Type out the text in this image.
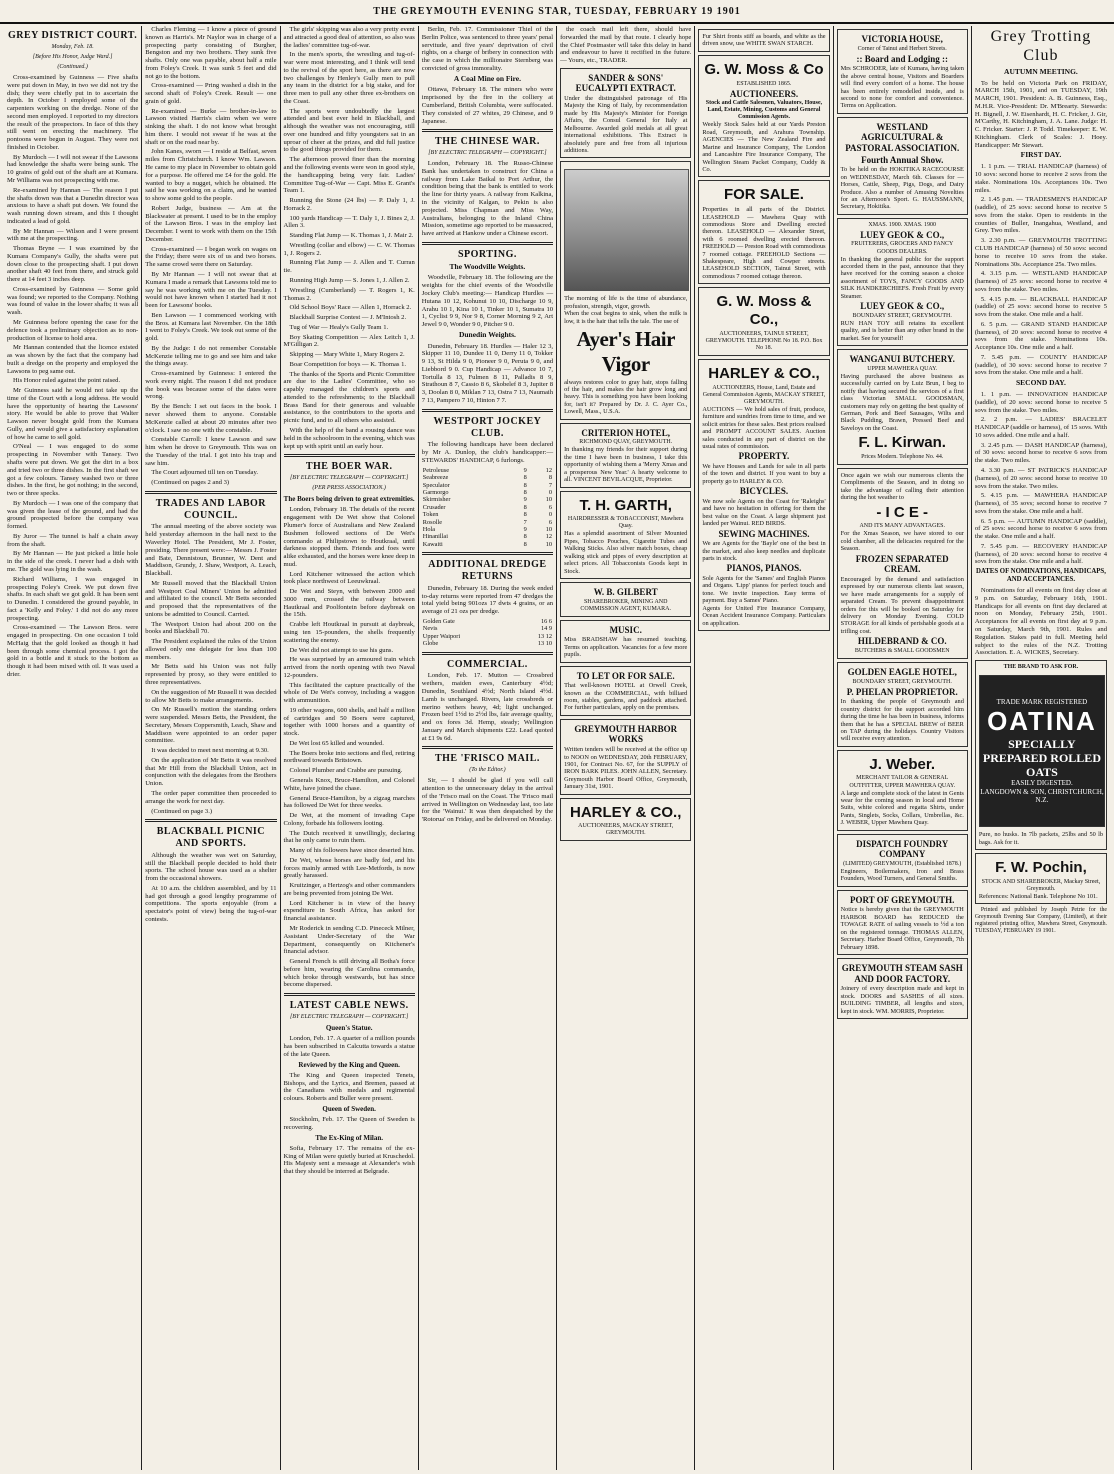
THE GREYMOUTH EVENING STAR, TUESDAY, FEBRUARY 19 1901
GREY DISTRICT COURT.
Monday, Feb. 18.
[Before His Honor, Judge Ward.]
(Continued.)

Cross-examined by Guinness — Five shafts were put down in May, in two we did not try the dish; they were chiefly put in to ascertain the depth. In October I employed some of the carpenters working on the dredge. None of the second men employed. I reported to my directors the result of the prospectors. In face of this they still went on erecting the machinery. The pontoons were begun in August. They were not finished in October.

By Murdoch — I will not swear if the Lawsons had knowledge the shafts were being sunk. The 10 grains of gold out of the shaft are at Kumara. Mr Williams was not prospecting with me.

Re-examined by Hannan — The reason I put the shafts down was that a Dunedin director was anxious to have a shaft put down. We found the wash running down stream, and this I thought indicated a lead of gold.

By Mr Hannan — Wilson and I were present with me at the prospecting.

Thomas Bryne — I was examined by the Kumara Company's Gully, the shafts were put down close to the prospecting shaft. I put down another shaft 40 feet from there, and struck gold there at 14 feet 3 inches deep.

Cross-examined by Guinness — Some gold was found; we reported to the Company. Nothing was found of value in the lower shafts; it was all wash.

Mr Guinness before opening the case for the defence took a preliminary objection as to non-production of license to hold area.

Mr Hannan contended that the licence existed as was shown by the fact that the company had built a dredge on the property and employed the Lawsons to peg same out.

His Honor ruled against the point raised.

Mr Guinness said he would not take up the time of the Court with a long address. He would have the opportunity of hearing the Lawsons' story. He would be able to prove that Walter Lawson never bought gold from the Kumara Gully, and would give a satisfactory explanation of how he came to sell gold.

O'Neal — I was engaged to do some prospecting in November with Tansey. Two shafts were put down. We got the dirt in a box and tried two or three dishes. In the first shaft we got a few colours. Tansey washed two or three dishes. In the first, he got nothing; in the second, two or three specks.

By Murdoch — I was one of the company that was given the lease of the ground, and had the ground prospected before the company was formed.

By Juror — The tunnel is half a chain away from the shaft.

By Mr Hannan — He just picked a little hole in the side of the creek. I never had a dish with me. The gold was lying in the wash.

Richard Williams, I was engaged in prospecting Foley's Creek. We put down five shafts. In each shaft we got gold. It has been sent to Dunedin. I considered the ground payable, in fact a 'Kelly and Foley.' I did not do any more prospecting.

Cross-examined — The Lawson Bros. were engaged in prospecting. On one occasion I told McHaig that the gold looked as though it had been through some chemical process. I got the gold in a bottle and it stuck to the bottom as though it had been mixed with oil. It was used a drier.

Charles Fleming — I know a piece of ground known as Harris's. Mr Naylor was in charge of a prospecting party consisting of Burgher, Bengston and my two brothers. They sunk five shafts. Only one was payable, about half a mile from Foley's Creek. It was sunk 5 feet and did not go to the bottom.

Cross-examined — Pring washed a dish in the second shaft of Foley's Creek. Result — one grain of gold.

Re-examined — Burke — brother-in-law to Lawson visited Harris's claim when we were sinking the shaft. I do not know what brought him there. I would not swear if he was at the shaft or on the road near by.

John Kanes, sworn — I reside at Belfast, seven miles from Christchurch. I know Wm. Lawson. He came to my place in November to obtain gold for a purpose. He offered me £4 for the gold. He wanted to buy a nugget, which he obtained. He said he was working on a claim, and he wanted to show some gold to the people.

Robert Judge, business — Am at the Blackwater at present. I used to be in the employ of the Lawson Bros. I was in the employ last December. I went to work with them on the 15th December.

Cross-examined — I began work on wages on the Friday; there were six of us and two horses. The same crowd were there on Saturday.

By Mr Hannan — I will not swear that at Kumara I made a remark that Lawsons told me to say he was working with me on the Tuesday. I would not have known when I started had it not been for Lawsons' books.

Ben Lawson — I commenced working with the Bros. at Kumara last November. On the 18th I went to Foley's Creek. We took out some of the gold.

By the Judge: I do not remember Constable McKenzie telling me to go and see him and take the things away.

Cross-examined by Guinness: I entered the work every night. The reason I did not produce the book was because some of the dates were wrong.

By the Bench: I set out faces in the book. I never showed them to anyone. Constable McKenzie called at about 20 minutes after two o'clock. I saw no one with the constable.

Constable Carroll: I knew Lawson and saw him when he drove to Greymouth. This was on the Tuesday of the trial. I got into his trap and saw him.

The Court adjourned till ten on Tuesday.

(Continued on pages 2 and 3)

TRADES AND LABOR COUNCIL.

The annual meeting of the above society was held yesterday afternoon in the hall next to the Waverley Hotel. The President, Mr J. Foster, presiding. There present were:— Messrs J. Foster and Bate, Dennistoun, Brunner, W. Dent and Maddison, Grundy, J. Shaw, Westport, A. Leach, Blackball.

Mr Russell moved that the Blackball Union and Westport Coal Miners' Union be admitted and affiliated to the council. Mr Betts seconded and proposed that the representatives of the unions be admitted to Council. Carried.

The Westport Union had about 200 on the books and Blackball 70.

The President explained the rules of the Union allowed only one delegate for less than 100 members.

Mr Betts said his Union was not fully represented by proxy, so they were entitled to three representatives.

On the suggestion of Mr Russell it was decided to allow Mr Betts to make arrangements.

On Mr Russell's motion the standing orders were suspended. Messrs Betts, the President, the Secretary, Messrs Coppersmith, Leach, Shaw and Maddison were appointed to an order paper committee.

It was decided to meet next morning at 9.30.

On the application of Mr Betts it was resolved that Mr Hill from the Blackball Union, act in conjunction with the delegates from the Brothers Union.

The order paper committee then proceeded to arrange the work for next day.

(Continued on page 3.)

BLACKBALL PICNIC AND SPORTS.

Although the weather was wet on Saturday, still the Blackball people decided to hold their sports. The school house was used as a shelter from the occasional showers.

At 10 a.m. the children assembled, and by 11 had got through a good lengthy programme of competitions. The sports enjoyable (from a spectator's point of view) being the tug-of-war contests.

The girls' skipping was also a very pretty event and attracted a good deal of attention, so also was the ladies' committee tug-of-war.

In the men's sports, the wrestling and tug-of-war were most interesting, and I think will tend to the revival of the sport here, as there are now two challenges by Henley's Gully men to pull any team in the district for a big stake, and for three men to pull any other three ex-brothers on the Coast.

The sports were undoubtedly the largest attended and best ever held in Blackball, and although the weather was not encouraging, still over one hundred and fifty youngsters sat in an uproar of cheer at the prizes, and did full justice to the good things provided for them.

The afternoon proved finer than the morning and the following events were won in good style, the handicapping being very fair. Ladies' Committee Tug-of-War — Capt. Miss E. Grant's Team 1.

Running the Stone (24 lbs) — P. Daly 1, J. Horrack 2.

100 yards Handicap — T. Daly 1, J. Bines 2, J. Allen 3.

Standing Flat Jump — K. Thomas 1, J. Mair 2.

Wrestling (collar and elbow) — C. W. Thomas 1, J. Rogers 2.

Running Flat Jump — J. Allen and T. Curran tie.

Running High Jump — S. Jones 1, J. Allen 2.

Wrestling (Cumberland) — T. Rogers 1, K. Thomas 2.

Old School Boys' Race — Allen 1, Horrack 2.

Blackball Surprise Contest — J. M'Intosh 2.

Tug of War — Healy's Gully Team 1.

Boy Skating Competition — Alex Leitch 1, J. M'Gilligan 2.

Skipping — Mary White 1, Mary Rogers 2.

Boar Competition for boys — K. Thomas 1.

The thanks of the Sports and Picnic Committee are due to the Ladies' Committee, who so capably managed the children's sports and attended to the refreshments; to the Blackball Brass Band for their generous and valuable assistance, to the contributors to the sports and picnic fund, and to all others who assisted.

With the help of the band a rousing dance was held in the schoolroom in the evening, which was kept up with spirit until an early hour.

THE BOER WAR.
[BY ELECTRIC TELEGRAPH — COPYRIGHT.]
(PER PRESS ASSOCIATION.)
The Boers being driven to great extremities.

London, February 18. The details of the recent engagement with De Wet show that Colonel Plumer's force of Australians and New Zealand Bushmen followed sections of De Wet's commando at Philipstown to Houtkraal, until darkness stopped them. Friends and foes were alike exhausted, and the horses were knee deep in mud.

Lord Kitchener witnessed the action which took place northwest of Leeuwkraal.

De Wet and Steyn, with between 2000 and 3000 men, crossed the railway between Hautkraal and Poolfontein before daybreak on the 15th.

Crabbe left Houtkraal in pursuit at daybreak, using ten 15-pounders, the shells frequently scattering the enemy.

De Wet did not attempt to use his guns.

He was surprised by an armoured train which arrived from the north opening with two Naval 12-pounders.

This facilitated the capture practically of the whole of De Wet's convoy, including a waggon with ammunition.

19 other wagons, 600 shells, and half a million of cartridges and 50 Boers were captured, together with 1000 horses and a quantity of stock.

De Wet lost 65 killed and wounded.

The Boers broke into sections and fled, retiring northward towards Britstown.

Colonel Plumber and Crabbe are pursuing.

Generals Knox, Bruce-Hamilton, and Colonel White, have joined the chase.

General Bruce-Hamilton, by a zigzag marches has followed De Wet for three weeks.

De Wet, at the moment of invading Cape Colony, forbade his followers looting.

The Dutch received it unwillingly, declaring that he only came to ruin them.

Many of his followers have since deserted him.

De Wet, whose horses are badly fed, and his forces mainly armed with Lee-Metfords, is now greatly harassed.

Kruitzinger, a Hertzog's and other commanders are being prevented from joining De Wet.

Lord Kitchener is in view of the heavy expenditure in South Africa, has asked for financial assistance.

Mr Roderick in sending C.D. Pinececk Milner, Assistant Under-Secretary of the War Department, consequently on Kitchener's financial advisor.

General French is still driving all Botha's force before him, wearing the Carolina commando, which broke through westwards, but has since become dispersed.

LATEST CABLE NEWS.
[BY ELECTRIC TELEGRAPH — COPYRIGHT.]
Queen's Statue.

London, Feb. 17. A quarter of a million pounds has been subscribed in Calcutta towards a statue of the late Queen.

Reviewed by the King and Queen.

The King and Queen inspected Tenets, Bishops, and the Lyrics, and Bremen, passed at the Canadians with medals and regimental colours. Roberts and Buller were present.

Queen of Sweden.

Stockholm, Feb. 17. The Queen of Sweden is recovering.

The Ex-King of Milan.

Sofia, February 17. The remains of the ex-King of Milan were quietly buried at Kruschedol. His Majesty sent a message at Alexander's wish that they should be interred at Belgrade.

Berlin, Feb. 17. Commissioner Thiel of the Berlin Police, was sentenced to three years' penal servitude, and five years' deprivation of civil rights, on a charge of bribery in connection with the case in which the millionaire Sternberg was convicted of gross immorality.

A Coal Mine on Fire.

Ottawa, February 18. The miners who were imprisoned by the fire in the colliery at Cumberland, British Columbia, were suffocated. They consisted of 27 whites, 29 Chinese, and 9 Japanese.

THE CHINESE WAR.
[BY ELECTRIC TELEGRAPH — COPYRIGHT.]

London, February 18. The Russo-Chinese Bank has undertaken to construct for China a railway from Lake Baikal to Port Arthur, the condition being that the bank is entitled to work the line for thirty years. A railway from Kalkina, in the vicinity of Kalgan, to Pekin is also projected. Miss Chapman and Miss Way, Australians, belonging to the Inland China Mission, sometime ago reported to be massacred, have arrived at Hankow under a Chinese escort.

SPORTING.
The Woodville Weights.

Woodville, February 18. The following are the weights for the chief events of the Woodville Jockey Club's meeting:— Handicap Hurdles — Hutana 10 12, Kohunui 10 10, Discharge 10 9, Arahu 10 1, Kina 10 1, Tinker 10 1, Sumatra 10 1, Cyclist 9 9, Nor 9 8, Corner Morning 9 2, Art Jewel 9 0, Wonder 9 0, Pitcher 9 0.

Dunedin Weights.

Dunedin, February 18. Hurdles — Haler 12 3, Skipper 11 10, Dundee 11 0, Derry 11 0, Tokker 9 13, St Hilda 9 0, Pioneer 9 0, Peruta 9 0, and Liebbord 9 0. Cup Handicap — Advance 10 7, Tortulla 8 13, Fulmen 8 11, Palladis 8 9, Strathoun 8 7, Cassio 8 6, Skobelef 8 3, Jupiter 8 3, Doolan 8 0, Miklan 7 13, Ostra 7 13, Naumaih 7 13, Pampero 7 10, Hinton 7 7.

WESTPORT JOCKEY CLUB.

The following handicaps have been declared by Mr A. Dunlop, the club's handicapper:— STEWARDS' HANDICAP, 6 furlongs.

Petroleuse	9	12
Seabreeze	8	8
Speculator	8	7
Garmorgo	8	0
Skirmisher	9	10
Crusader	8	6
Token	8	0
Rosolle	7	6
Hola	9	10
Hinanillai	8	12
Kawaiti	8	10
ADDITIONAL DREDGE RETURNS

Dunedin, February 18. During the week ended to-day returns were reported from 47 dredges the total yield being 901ozs 17 dwts 4 grains, or an average of 21 ozs per dredge.

Golden Gate	16 6
Nevis	14 9
Upper Waipori	13 12
Globe	13 10
COMMERCIAL.

London, Feb. 17. Mutton — Crossbred wethers, maiden ewes, Canterbury 4½d; Dunedin, Southland 4½d; North Island 4½d. Lamb is unchanged. Rivers, late crossbreds or merino wethers heavy, 4d; light unchanged. Frozen beef 1½d to 2½d lbs, fair average quality, and ox fores 3d. Hemp, steady; Wellington January and March shipments £22. Lead quoted at £1 9s 6d.

THE 'FRISCO MAIL.
(To the Editor.)

Sir, — I should be glad if you will call attention to the unnecessary delay in the arrival of the 'Frisco mail on the Coast. The 'Frisco mail arrived in Wellington on Wednesday last, too late for the 'Wainui.' It was then despatched by the 'Rotorua' on Friday, and be delivered on Monday.

the coach mail left there, should have forwarded the mail by that route. I clearly hope the Chief Postmaster will take this delay in hand and endeavour to have it rectified in the future. — Yours, etc., TRADER.

SANDER & SONS' EUCALYPTI EXTRACT.
Under the distinguished patronage of His Majesty the King of Italy, by recommendation made by His Majesty's Minister for Foreign Affairs, the Consul General for Italy at Melbourne. Awarded gold medals at all great international exhibitions. This Extract is absolutely pure and free from all injurious additions.
The morning of life is the time of abundance, profusion, strength, vigor, growth.
When the coat begins to sink, when the milk is low, it is the hair that tells the tale. The use of
Ayer's Hair Vigor
always restores color to gray hair, stops falling of the hair, and makes the hair grow long and heavy. This is something you have been looking for, isn't it? Prepared by Dr. J. C. Ayer Co., Lowell, Mass., U.S.A.
CRITERION HOTEL,
RICHMOND QUAY, GREYMOUTH.
In thanking my friends for their support during the time I have been in business, I take this opportunity of wishing them a 'Merry Xmas and a prosperous New Year.' A hearty welcome to all. VINCENT BEVILACQUE, Proprietor.
T. H. GARTH,
HAIRDRESSER & TOBACCONIST, Mawhera Quay.
Has a splendid assortment of Silver Mounted Pipes, Tobacco Pouches, Cigarette Tubes and Walking Sticks. Also silver match boxes, cheap walking stick and pipes of every description at select prices. All Tobacconists Goods kept in Stock.
W. B. GILBERT
SHAREBROKER, MINING AND COMMISSION AGENT, KUMARA.
MUSIC.
Miss BRADSHAW has resumed teaching. Terms on application. Vacancies for a few more pupils.
TO LET OR FOR SALE.
That well-known HOTEL at Orwell Creek, known as the COMMERCIAL, with billiard room, stables, gardens, and paddock attached. For further particulars, apply on the premises.
GREYMOUTH HARBOR WORKS
Written tenders will be received at the office up to NOON on WEDNESDAY, 20th FEBRUARY, 1901, for Contract No. 67, for the SUPPLY of IRON BARK PILES. JOHN ALLEN, Secretary. Greymouth Harbor Board Office, Greymouth, January 31st, 1901.
HARLEY & CO.,
AUCTIONEERS, MACKAY STREET, GREYMOUTH.
Fur Shirt fronts stiff as boards, and white as the driven snow, use WHITE SWAN STARCH.
G. W. Moss & Co
ESTABLISHED 1865.
AUCTIONEERS.
Stock and Cattle Salesmen, Valuators, House, Land, Estate, Mining, Customs and General Commission Agents.
Weekly Stock Sales held at our Yards Preston Road, Greymouth, and Arahura Township. AGENCIES — The New Zealand Fire and Marine and Insurance Company, The London and Lancashire Fire Insurance Company, The Wellington Steam Packet Company, Cuddy & Co.
FOR SALE.
Properties in all parts of the District. LEASEHOLD — Mawhera Quay with commodious Store and Dwelling erected thereon. LEASEHOLD — Alexander Street, with 6 roomed dwelling erected thereon. FREEHOLD — Preston Road with commodious 7 roomed cottage. FREEHOLD Sections — Shakespeare, High and Cowper streets. LEASEHOLD SECTION, Tainui Street, with commodious 7 roomed cottage thereon.
G. W. Moss & Co.,
AUCTIONEERS, TAINUI STREET, GREYMOUTH. TELEPHONE No 18. P.O. Box No 18.
HARLEY & CO.,
AUCTIONEERS, House, Land, Estate and General Commission Agents, MACKAY STREET, GREYMOUTH.
AUCTIONS — We hold sales of fruit, produce, furniture and sundries from time to time, and we solicit entries for these sales. Best prices realised and PROMPT ACCOUNT SALES. Auction sales conducted in any part of district on the usual rates of commission.
PROPERTY.
We have Houses and Lands for sale in all parts of the town and district. If you want to buy a property go to HARLEY & CO.
BICYCLES.
We now sole Agents on the Coast for 'Raleighs' and have no hesitation in offering for them the best value on the Coast. A large shipment just landed per Wainui. RED BIRDS.
SEWING MACHINES.
We are Agents for the 'Bayle' one of the best in the market, and also keep needles and duplicate parts in stock.
PIANOS, PIANOS.
Sole Agents for the 'Sames' and English Pianos and Organs. 'Lipp' pianos for perfect touch and tone. We invite inspection. Easy terms of payment. Buy a Sames' Piano.
Agents for United Fire Insurance Company, Ocean Accident Insurance Company. Particulars on application.
VICTORIA HOUSE,
Corner of Tainui and Herbert Streets.
:: Board and Lodging ::
Mrs SCHRODER, late of Kumara, having taken the above central house, Visitors and Boarders will find every comfort of a home. The house has been entirely remodelled inside, and is second to none for comfort and convenience. Terms on Application.
WESTLAND AGRICULTURAL & PASTORAL ASSOCIATION.
Fourth Annual Show.
To be held on the HOKITIKA RACECOURSE on WEDNESDAY, March 6th. Classes for — Horses, Cattle, Sheep, Pigs, Dogs, and Dairy Produce. Also a number of Amusing Novelties for an Afternoon's Sport. G. HAUSSMANN, Secretary, Hokitika.
XMAS. 1900. XMAS. 1900
LUEY GEOK & CO.,
FRUITERERS, GROCERS AND FANCY GOODS DEALERS.
In thanking the general public for the support accorded them in the past, announce that they have received for the coming season a choice assortment of TOYS, FANCY GOODS AND SILK HANDKERCHIEFS. Fresh Fruit by every Steamer.
LUEY GEOK & CO.,
BOUNDARY STREET, GREYMOUTH.
RUN HAN TOY still retains its excellent quality, and is better than any other brand in the market. See for yourself!
WANGANUI BUTCHERY.
UPPER MAWHERA QUAY.
Having purchased the above business as successfully carried on by Luiz Brun, I beg to notify that having secured the services of a first class Victorian SMALL GOODSMAN, customers may rely on getting the best quality of German, Pork and Beef Sausages, Wilts and Black Pudding, Brawn, Pressed Beef and Saveloys on the Coast.
F. L. Kirwan.
Prices Modern. Telephone No. 44.
Once again we wish our numerous clients the Compliments of the Season, and in doing so take the advantage of calling their attention during the hot weather to
- I C E -
AND ITS MANY ADVANTAGES.
For the Xmas Season, we have stored to our cold chamber, all the delicacies required for the Season.
FROZEN SEPARATED CREAM.
Encouraged by the demand and satisfaction expressed by our numerous clients last season, we have made arrangements for a supply of separated Cream. To prevent disappointment orders for this will be booked on Saturday for delivery on Monday Evening. COLD STORAGE for all kinds of perishable goods at a trifling cost.
HILDEBRAND & CO.
BUTCHERS & SMALL GOODSMEN
GOLDEN EAGLE HOTEL,
BOUNDARY STREET, GREYMOUTH.
P. PHELAN PROPRIETOR.
In thanking the people of Greymouth and country district for the support accorded him during the time he has been in business, informs them that he has a SPECIAL BREW of BEER on TAP during the holidays. Country Visitors will receive every attention.
J. Weber.
MERCHANT TAILOR & GENERAL OUTFITTER, UPPER MAWHERA QUAY.
A large and complete stock of the latest in Gents wear for the coming season in local and Home Suits, white colored and regatta Shirts, under Pants, Singlets, Socks, Collars, Umbrellas, &c. J. WEBER, Upper Mawhera Quay.
DISPATCH FOUNDRY COMPANY
(LIMITED) GREYMOUTH, (Established 1878.)
Engineers, Boilermakers, Iron and Brass Founders, Wood Turners, and General Smiths.
PORT OF GREYMOUTH.
Notice is hereby given that the GREYMOUTH HARBOR BOARD has REDUCED the TOWAGE RATE of sailing vessels to ½d a ton on the registered tonnage. THOMAS ALLEN, Secretary. Harbor Board Office, Greymouth, 7th February 1898.
GREYMOUTH STEAM SASH AND DOOR FACTORY.
Joinery of every description made and kept in stock. DOORS and SASHES of all sizes. BUILDING TIMBER, all lengths and sizes, kept in stock. WM. MORRIS, Proprietor.
Grey Trotting Club
AUTUMN MEETING.

To be held on Victoria Park on FRIDAY, MARCH 15th, 1901, and on TUESDAY, 19th MARCH, 1901. President: A. B. Guinness, Esq., M.H.R. Vice-President: Dr. M'Brearty. Stewards: H. Bignell, J. W. Eisenhardt, H. C. Fricker, J. Gir, M'Carthy, H. Kitchingham, J. A. Lane. Judge: H. C. Fricker. Starter: J. P. Todd. Timekeeper: E. W. Kitchingham. Clerk of Scales: J. Hoey. Handicapper: Mr Stewart.

FIRST DAY.

1. 1 p.m. — TRIAL HANDICAP (harness) of 10 sovs: second horse to receive 2 sovs from the stake. Nominations 10s. Acceptances 10s. Two miles.

2. 1.45 p.m. — TRADESMEN'S HANDICAP (saddle), of 25 sovs: second horse to receive 5 sovs from the stake. Open to residents in the counties of Buller, Inangahua, Westland, and Grey. Two miles.

3. 2.30 p.m. — GREYMOUTH TROTTING CLUB HANDICAP (harness) of 50 sovs: second horse to receive 10 sovs from the stake. Nominations 30s. Acceptance 25s. Two miles.

4. 3.15 p.m. — WESTLAND HANDICAP (harness) of 25 sovs: second horse to receive 4 sovs from the stake. Two miles.

5. 4.15 p.m. — BLACKBALL HANDICAP (saddle) of 25 sovs: second horse to receive 5 sovs from the stake. One mile and a half.

6. 5 p.m. — GRAND STAND HANDICAP (harness), of 20 sovs: second horse to receive 4 sovs from the stake. Nominations 10s. Acceptance 10s. One mile and a half.

7. 5.45 p.m. — COUNTY HANDICAP (saddle), of 30 sovs: second horse to receive 7 sovs from the stake. One mile and a half.

SECOND DAY.

1. 1 p.m. — INNOVATION HANDICAP (saddle), of 20 sovs: second horse to receive 5 sovs from the stake. Two miles.

2. 2 p.m. — LADIES' BRACELET HANDICAP (saddle or harness), of 15 sovs. With 10 sovs added. One mile and a half.

3. 2.45 p.m. — DASH HANDICAP (harness), of 30 sovs: second horse to receive 6 sovs from the stake. Two miles.

4. 3.30 p.m. — ST PATRICK'S HANDICAP (harness), of 20 sovs: second horse to receive 10 sovs from the stake. Two miles.

5. 4.15 p.m. — MAWHERA HANDICAP (harness), of 35 sovs; second horse to receive 7 sovs from the stake. One mile and a half.

6. 5 p.m. — AUTUMN HANDICAP (saddle), of 25 sovs: second horse to receive 6 sovs from the stake. One mile and a half.

7. 5.45 p.m. — RECOVERY HANDICAP (harness), of 20 sovs: second horse to receive 4 sovs from the stake. One mile and a half.

DATES OF NOMINATIONS, HANDICAPS, AND ACCEPTANCES.

Nominations for all events on first day close at 9 p.m. on Saturday, February 16th, 1901. Handicaps for all events on first day declared at noon on Monday, February 25th, 1901. Acceptances for all events on first day at 9 p.m. on Saturday, March 9th, 1901. Rules and Regulation. Stakes paid in full. Meeting held subject to the rules of the N.Z. Trotting Association. E. A. WICKES, Secretary.

THE BRAND TO ASK FOR.
TRADE MARK REGISTERED
OATINA
SPECIALLY PREPARED ROLLED OATS
EASILY DIGESTED.
LANGDOWN & SON, CHRISTCHURCH, N.Z.
Pure, no husks. In 7lb packets, 25lbs and 50 lb bags. Ask for it.
F. W. Pochin,
STOCK AND SHAREBROKER, Mackay Street, Greymouth.
References: National Bank. Telephone No 101.

Printed and published by Joseph Petrie for the Greymouth Evening Star Company, (Limited), at their registered printing office, Mawhera Street, Greymouth. TUESDAY, FEBRUARY 19 1901.
